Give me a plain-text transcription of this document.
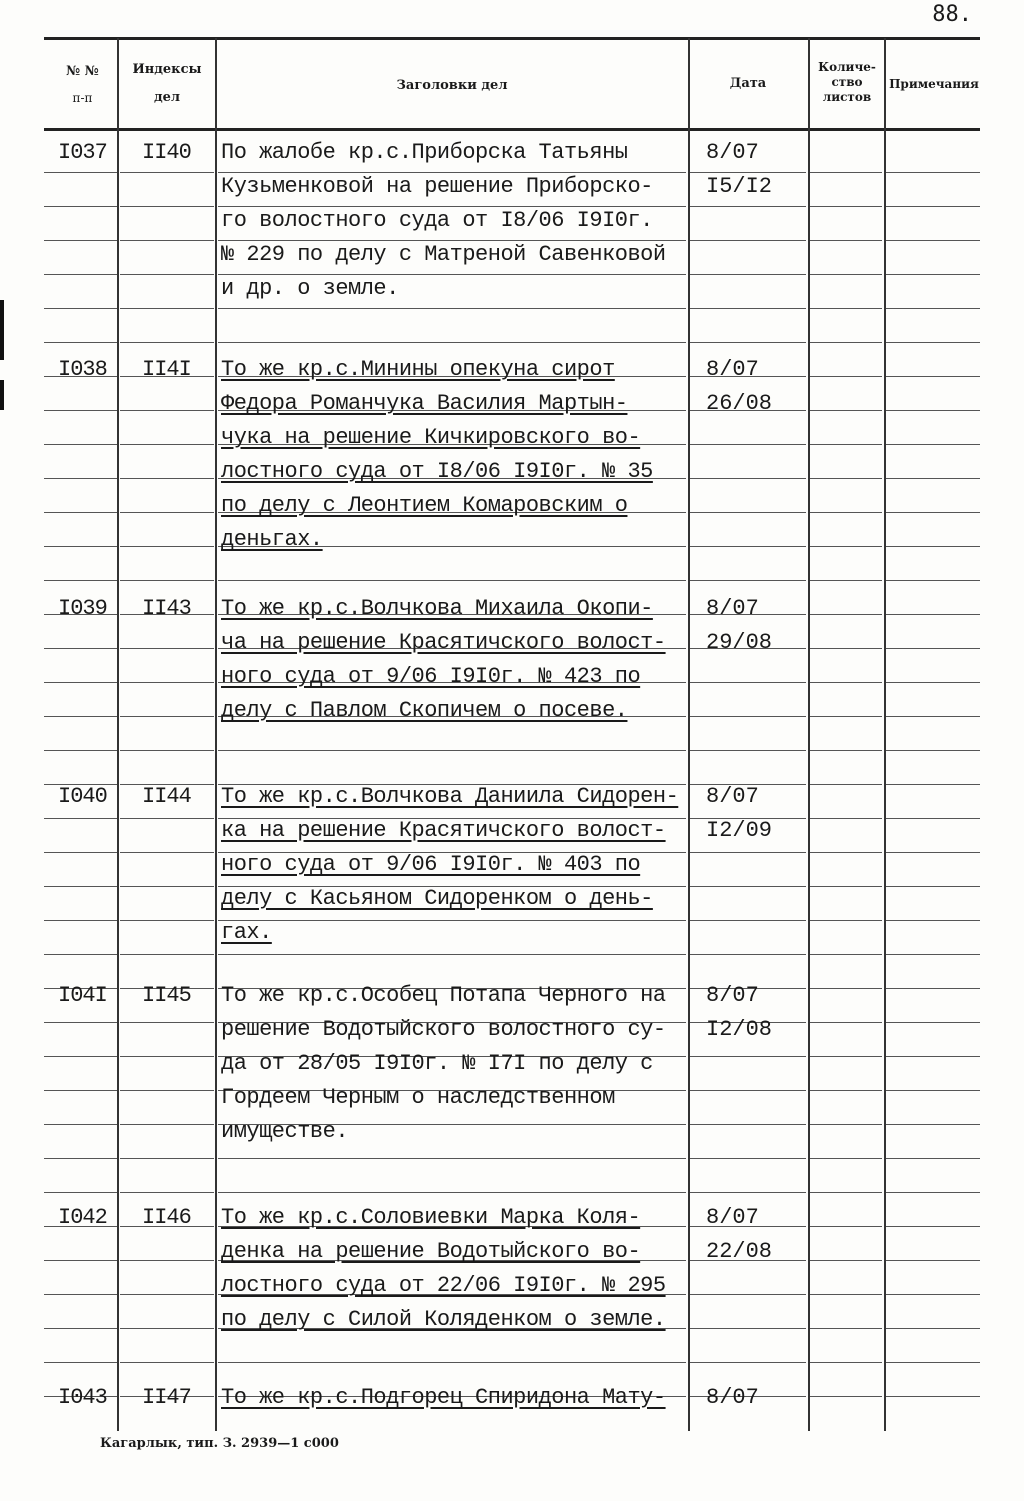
88.
№ №
п-п
Индексы
дел
Заголовки дел	Дата
Количе-
ство
листов
Примечания
I037 II40 По жалобе кр.с.Приборска Татьяны
Кузьменковой на решение Приборско-
го волостного суда от I8/06 I9I0г.
№ 229 по делу с Матреной Савенковой
и др. о земле.
8/07
I5/I2
I038 II4I То же кр.с.Минины опекуна сирот
Федора Романчука Василия Мартын-
чука на решение Кичкировского во-
лостного суда от I8/06 I9I0г. № 35
по делу с Леонтием Комаровским о
деньгах.
8/07
26/08
I039 II43 То же кр.с.Волчкова Михаила Окопи-
ча на решение Красятичского волост-
ного суда от 9/06 I9I0г. № 423 по
делу с Павлом Скопичем о посеве.
8/07
29/08
I040 II44 То же кр.с.Волчкова Даниила Сидорен-
ка на решение Красятичского волост-
ного суда от 9/06 I9I0г. № 403 по
делу с Касьяном Сидоренком о день-
гах.
8/07
I2/09
I04I II45 То же кр.с.Особец Потапа Черного на
решение Водотыйского волостного су-
да от 28/05 I9I0г. № I7I по делу с
Гордеем Черным о наследственном
имуществе.
8/07
I2/08
I042 II46 То же кр.с.Соловиевки Марка Коля-
денка на решение Водотыйского во-
лостного суда от 22/06 I9I0г. № 295
по делу с Силой Коляденком о земле.
8/07
22/08
I043 II47 То же кр.с.Подгорец Спиридона Мату- 8/07
Кагарлык, тип. З. 2939—1 с000
